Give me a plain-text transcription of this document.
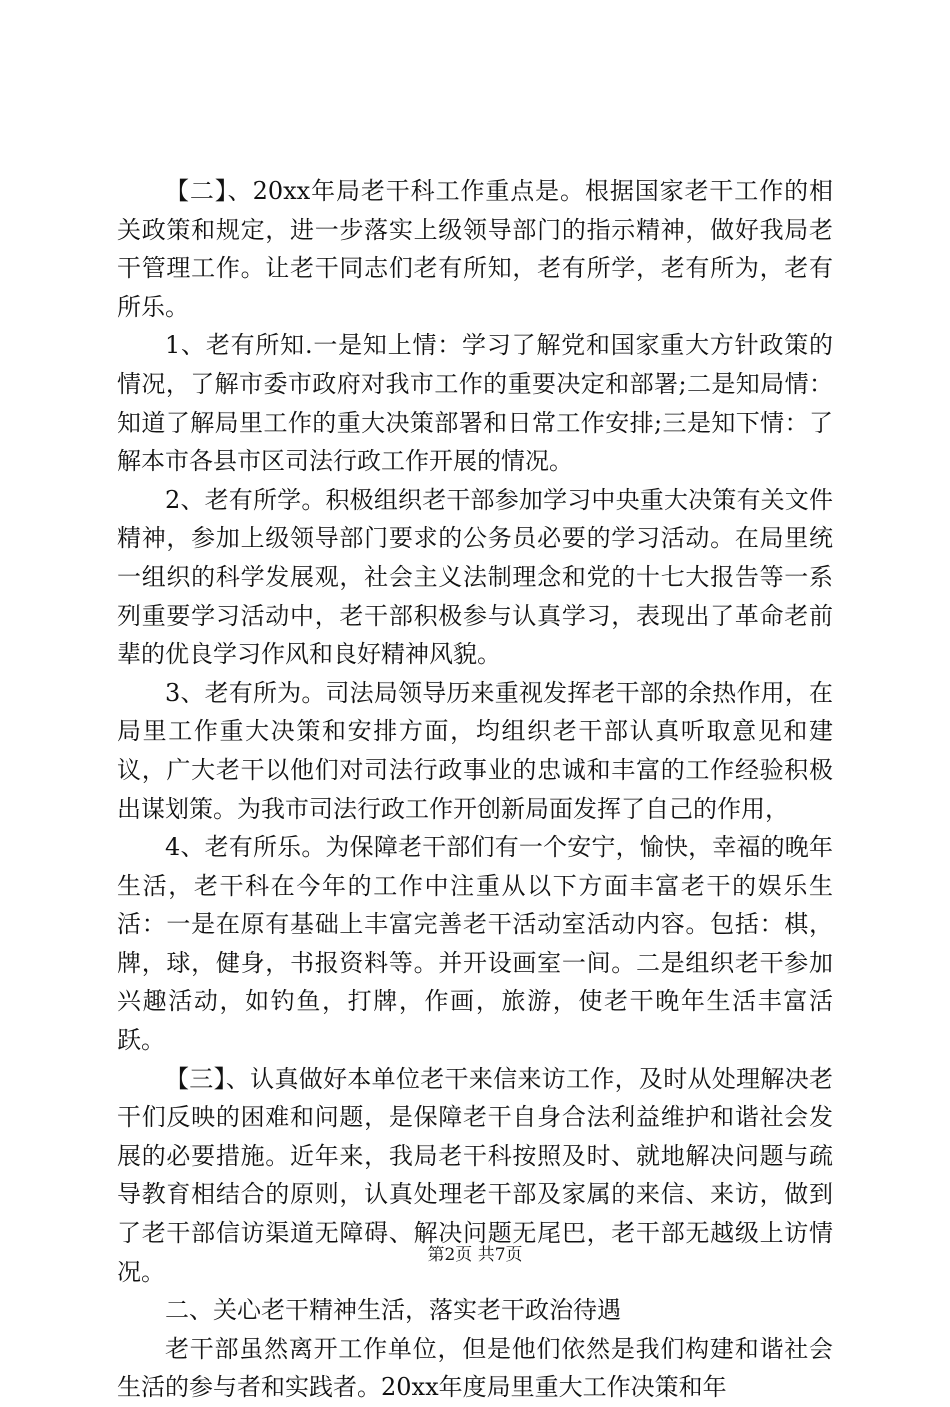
【二】、20xx年局老干科工作重点是。根据国家老干工作的相关政策和规定，进一步落实上级领导部门的指示精神，做好我局老干管理工作。让老干同志们老有所知，老有所学，老有所为，老有所乐。

1、老有所知.一是知上情：学习了解党和国家重大方针政策的情况，了解市委市政府对我市工作的重要决定和部署;二是知局情：知道了解局里工作的重大决策部署和日常工作安排;三是知下情：了解本市各县市区司法行政工作开展的情况。

2、老有所学。积极组织老干部参加学习中央重大决策有关文件精神，参加上级领导部门要求的公务员必要的学习活动。在局里统一组织的科学发展观，社会主义法制理念和党的十七大报告等一系列重要学习活动中，老干部积极参与认真学习，表现出了革命老前辈的优良学习作风和良好精神风貌。

3、老有所为。司法局领导历来重视发挥老干部的余热作用，在局里工作重大决策和安排方面，均组织老干部认真听取意见和建议，广大老干以他们对司法行政事业的忠诚和丰富的工作经验积极出谋划策。为我市司法行政工作开创新局面发挥了自己的作用，

4、老有所乐。为保障老干部们有一个安宁，愉快，幸福的晚年生活，老干科在今年的工作中注重从以下方面丰富老干的娱乐生活：一是在原有基础上丰富完善老干活动室活动内容。包括：棋，牌，球，健身，书报资料等。并开设画室一间。二是组织老干参加兴趣活动，如钓鱼，打牌，作画，旅游，使老干晚年生活丰富活跃。

【三】、认真做好本单位老干来信来访工作，及时从处理解决老干们反映的困难和问题，是保障老干自身合法利益维护和谐社会发展的必要措施。近年来，我局老干科按照及时、就地解决问题与疏导教育相结合的原则，认真处理老干部及家属的来信、来访，做到了老干部信访渠道无障碍、解决问题无尾巴，老干部无越级上访情况。

二、关心老干精神生活，落实老干政治待遇

老干部虽然离开工作单位，但是他们依然是我们构建和谐社会生活的参与者和实践者。20xx年度局里重大工作决策和年

第2页 共7页
